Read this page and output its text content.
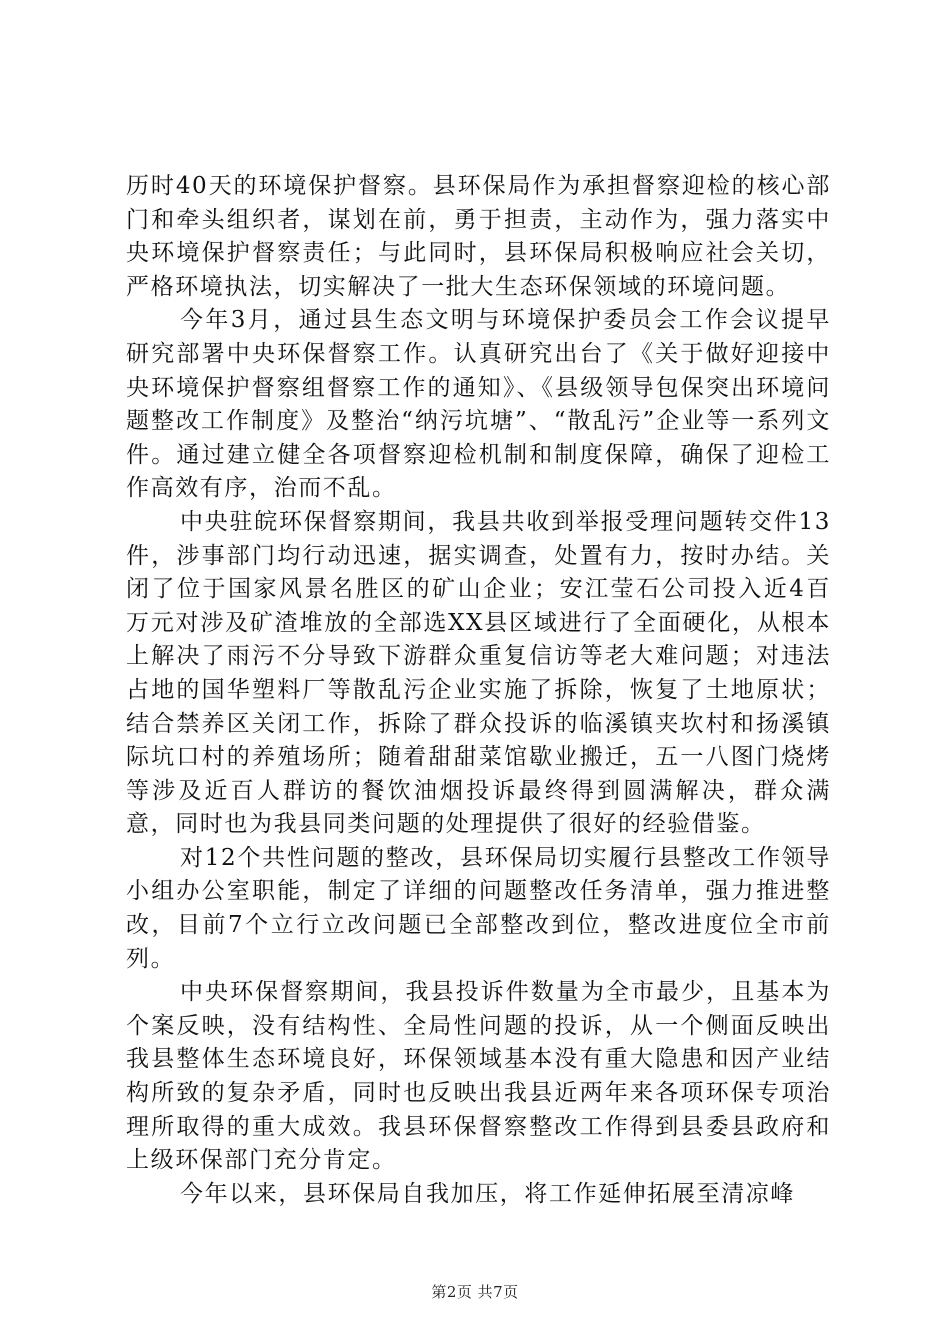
历时40天的环境保护督察。县环保局作为承担督察迎检的核心部门和牵头组织者，谋划在前，勇于担责，主动作为，强力落实中央环境保护督察责任；与此同时，县环保局积极响应社会关切，严格环境执法，切实解决了一批大生态环保领域的环境问题。

今年3月，通过县生态文明与环境保护委员会工作会议提早研究部署中央环保督察工作。认真研究出台了《关于做好迎接中央环境保护督察组督察工作的通知》、《县级领导包保突出环境问题整改工作制度》及整治“纳污坑塘”、“散乱污”企业等一系列文件。通过建立健全各项督察迎检机制和制度保障，确保了迎检工作高效有序，治而不乱。

中央驻皖环保督察期间，我县共收到举报受理问题转交件13件，涉事部门均行动迅速，据实调查，处置有力，按时办结。关闭了位于国家风景名胜区的矿山企业；安江莹石公司投入近4百万元对涉及矿渣堆放的全部选XX县区域进行了全面硬化，从根本上解决了雨污不分导致下游群众重复信访等老大难问题；对违法占地的国华塑料厂等散乱污企业实施了拆除，恢复了土地原状；结合禁养区关闭工作，拆除了群众投诉的临溪镇夹坎村和扬溪镇际坑口村的养殖场所；随着甜甜菜馆歇业搬迁，五一八图门烧烤等涉及近百人群访的餐饮油烟投诉最终得到圆满解决，群众满意，同时也为我县同类问题的处理提供了很好的经验借鉴。

对12个共性问题的整改，县环保局切实履行县整改工作领导小组办公室职能，制定了详细的问题整改任务清单，强力推进整改，目前7个立行立改问题已全部整改到位，整改进度位全市前列。

中央环保督察期间，我县投诉件数量为全市最少，且基本为个案反映，没有结构性、全局性问题的投诉，从一个侧面反映出我县整体生态环境良好，环保领域基本没有重大隐患和因产业结构所致的复杂矛盾，同时也反映出我县近两年来各项环保专项治理所取得的重大成效。我县环保督察整改工作得到县委县政府和上级环保部门充分肯定。

今年以来，县环保局自我加压，将工作延伸拓展至清凉峰

第2页 共7页
